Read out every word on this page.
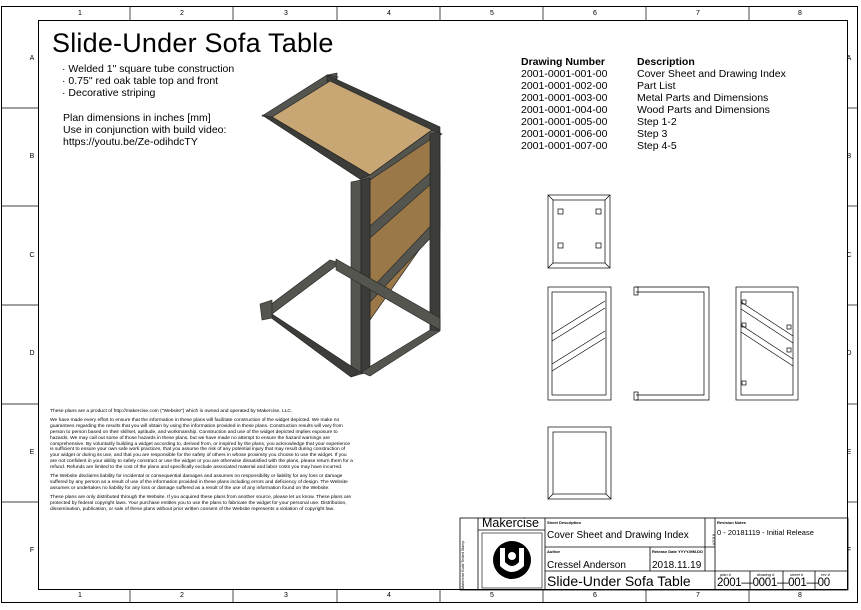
1	2	3	4	5	6	7	8
1	2	3	4	5	6	7	8
A
B
C
D
E
F
A
B
C
D
E
F
Slide-Under Sofa Table
· Welded 1" square tube construction
· 0.75" red oak table top and front
· Decorative striping
Plan dimensions in inches [mm]
Use in conjunction with build video:
https://youtu.be/Ze-odihdcTY
Drawing Number	Description
2001-0001-001-00	Cover Sheet and Drawing Index
2001-0001-002-00	Part List
2001-0001-003-00	Metal Parts and Dimensions
2001-0001-004-00	Wood Parts and Dimensions
2001-0001-005-00	Step 1-2
2001-0001-006-00	Step 3
2001-0001-007-00	Step 4-5

These plans are a product of http://makercise.com ("Website") which is owned and operated by Makercise, LLC.

We have made every effort to ensure that the information in these plans will facilitate construction of the widget depicted. We make no guarantees regarding the results that you will obtain by using the information provided in these plans. Construction results will vary from person to person based on their skillset, aptitude, and workmanship. Construction and use of the widget depicted implies exposure to hazards. We may call out some of those hazards in these plans, but we have made no attempt to ensure the hazard warnings are comprehensive. By voluntarily building a widget according to, derived from, or inspired by the plans, you acknowledge that your experience is sufficient to ensure your own safe work practices, that you assume the risk of any potential injury that may result during construction of your widget or during its use, and that you are responsible for the safety of others in whose proximity you choose to use the widget. If you are not confident in your ability to safely construct or use the widget or you are otherwise dissatisfied with the plans, please return them for a refund. Refunds are limited to the cost of the plans and specifically exclude associated material and labor costs you may have incurred.

The Website disclaims liability for incidental or consequential damages and assumes no responsibility or liability for any loss or damage suffered by any person as a result of use of the information provided in these plans including errors and deficiency of design. The Website assumes or undertakes no liability for any loss or damage suffered as a result of the use of any information found on the Website.

These plans are only distributed through the Website. If you acquired these plans from another source, please let us know. These plans are protected by federal copyright laws. Your purchase entitles you to use the plans to fabricate the widget for your personal use. Distribution, dissemination, publication, or sale of these plans without prior written consent of the Website represents a violation of copyright law.

Makercise Build Tested Stamp
Makercise Sheet Description
Cover Sheet and Drawing Index
Author
Cressel Anderson
Release Date YYYY.MM.DD
2018.11.19
Slide-Under Sofa Table
#2018
Revision Notes
0 - 20181119 - Initial Release
plan #	drawing #	sheet #	rev #
2001—0001—001—00
